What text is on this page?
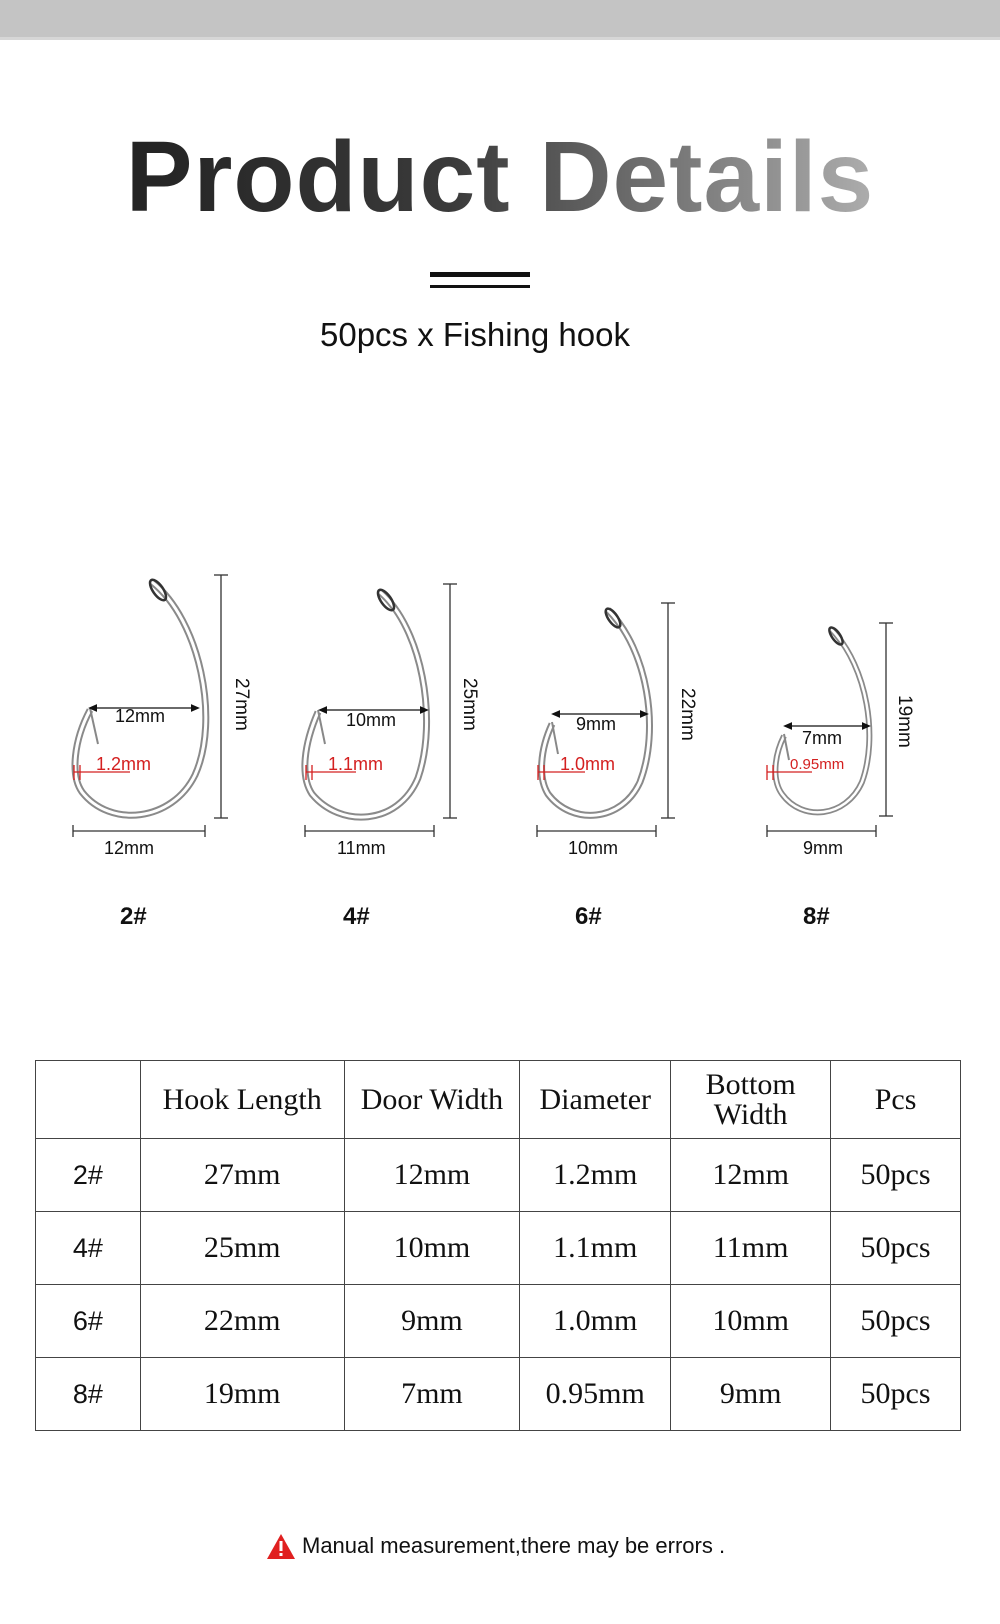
Product Details
50pcs x Fishing hook
12mm
1.2mm
12mm
27mm
2#
10mm
1.1mm
11mm
25mm
4#
9mm
1.0mm
10mm
22mm
6#
7mm
0.95mm
9mm
19mm
8#
	Hook Length	Door Width	Diameter	Bottom Width	Pcs
2#	27mm	12mm	1.2mm	12mm	50pcs
4#	25mm	10mm	1.1mm	11mm	50pcs
6#	22mm	9mm	1.0mm	10mm	50pcs
8#	19mm	7mm	0.95mm	9mm	50pcs
Manual measurement,there may be errors .
